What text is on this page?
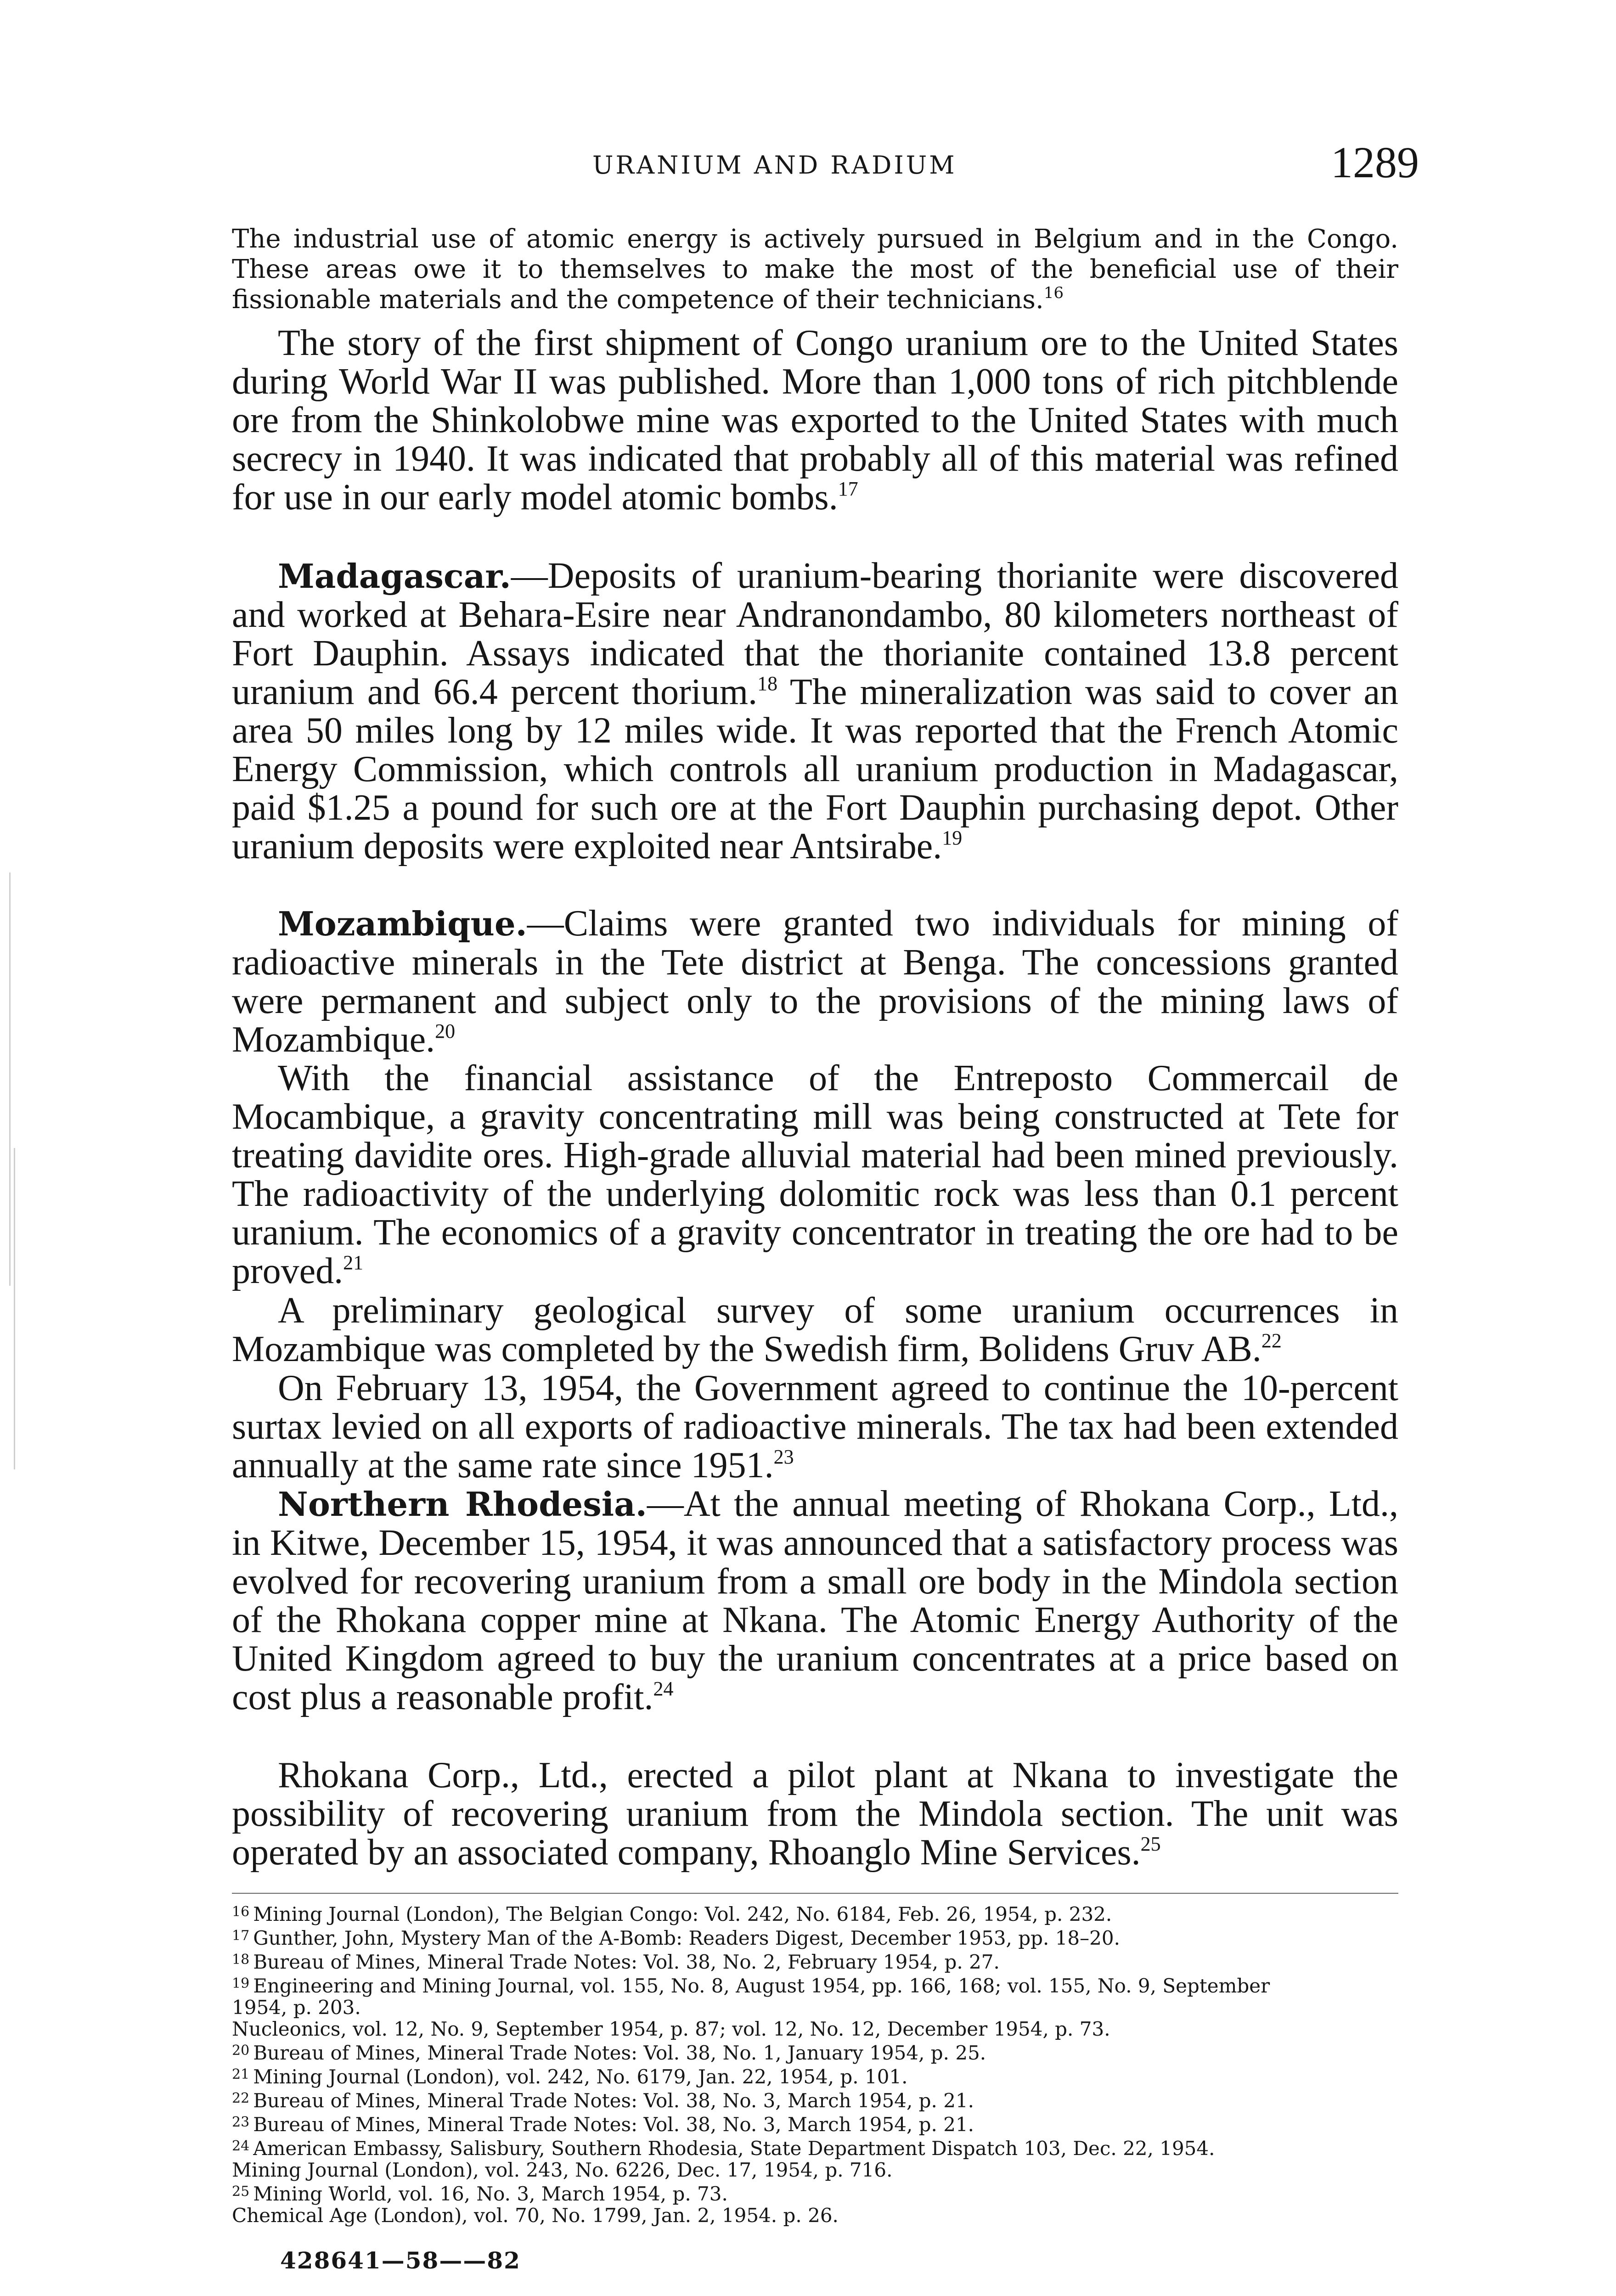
URANIUM AND RADIUM	1289

The industrial use of atomic energy is actively pursued in Belgium and in the Congo. These areas owe it to themselves to make the most of the beneficial use of their fissionable materials and the competence of their technicians.$^{16}$

The story of the first shipment of Congo uranium ore to the United States during World War II was published. More than 1,000 tons of rich pitchblende ore from the Shinkolobwe mine was exported to the United States with much secrecy in 1940. It was indicated that probably all of this material was refined for use in our early model atomic bombs.$^{17}$

Madagascar.—Deposits of uranium-bearing thorianite were discovered and worked at Behara-Esire near Andranondambo, 80 kilometers northeast of Fort Dauphin. Assays indicated that the thorianite contained 13.8 percent uranium and 66.4 percent thorium.$^{18}$ The mineralization was said to cover an area 50 miles long by 12 miles wide. It was reported that the French Atomic Energy Commission, which controls all uranium production in Madagascar, paid $1.25 a pound for such ore at the Fort Dauphin purchasing depot. Other uranium deposits were exploited near Antsirabe.$^{19}$

Mozambique.—Claims were granted two individuals for mining of radioactive minerals in the Tete district at Benga. The concessions granted were permanent and subject only to the provisions of the mining laws of Mozambique.$^{20}$

With the financial assistance of the Entreposto Commercail de Mocambique, a gravity concentrating mill was being constructed at Tete for treating davidite ores. High-grade alluvial material had been mined previously. The radioactivity of the underlying dolomitic rock was less than 0.1 percent uranium. The economics of a gravity concentrator in treating the ore had to be proved.$^{21}$

A preliminary geological survey of some uranium occurrences in Mozambique was completed by the Swedish firm, Bolidens Gruv AB.$^{22}$

On February 13, 1954, the Government agreed to continue the 10-percent surtax levied on all exports of radioactive minerals. The tax had been extended annually at the same rate since 1951.23

Northern Rhodesia.—At the annual meeting of Rhokana Corp., Ltd., in Kitwe, December 15, 1954, it was announced that a satisfactory process was evolved for recovering uranium from a small ore body in the Mindola section of the Rhokana copper mine at Nkana. The Atomic Energy Authority of the United Kingdom agreed to buy the uranium concentrates at a price based on cost plus a reasonable profit.$^{24}$

Rhokana Corp., Ltd., erected a pilot plant at Nkana to investigate the possibility of recovering uranium from the Mindola section. The unit was operated by an associated company, Rhoanglo Mine Services.$^{25}$

$^{16}$ Mining Journal (London), The Belgian Congo: Vol. 242, No. 6184, Feb. 26, 1954, p. 232.

$^{17}$ Gunther, John, Mystery Man of the A-Bomb: Readers Digest, December 1953, pp. 18–20.

$^{18}$ Bureau of Mines, Mineral Trade Notes: Vol. 38, No. 2, February 1954, p. 27.

$^{19}$ Engineering and Mining Journal, vol. 155, No. 8, August 1954, pp. 166, 168; vol. 155, No. 9, September

1954, p. 203.

Nucleonics, vol. 12, No. 9, September 1954, p. 87; vol. 12, No. 12, December 1954, p. 73.

$^{20}$ Bureau of Mines, Mineral Trade Notes: Vol. 38, No. 1, January 1954, p. 25.

$^{21}$ Mining Journal (London), vol. 242, No. 6179, Jan. 22, 1954, p. 101.

$^{22}$ Bureau of Mines, Mineral Trade Notes: Vol. 38, No. 3, March 1954, p. 21.

$^{23}$ Bureau of Mines, Mineral Trade Notes: Vol. 38, No. 3, March 1954, p. 21.

$^{24}$ American Embassy, Salisbury, Southern Rhodesia, State Department Dispatch 103, Dec. 22, 1954.

Mining Journal (London), vol. 243, No. 6226, Dec. 17, 1954, p. 716.

$^{25}$ Mining World, vol. 16, No. 3, March 1954, p. 73.

Chemical Age (London), vol. 70, No. 1799, Jan. 2, 1954. p. 26.

428641—58——82
